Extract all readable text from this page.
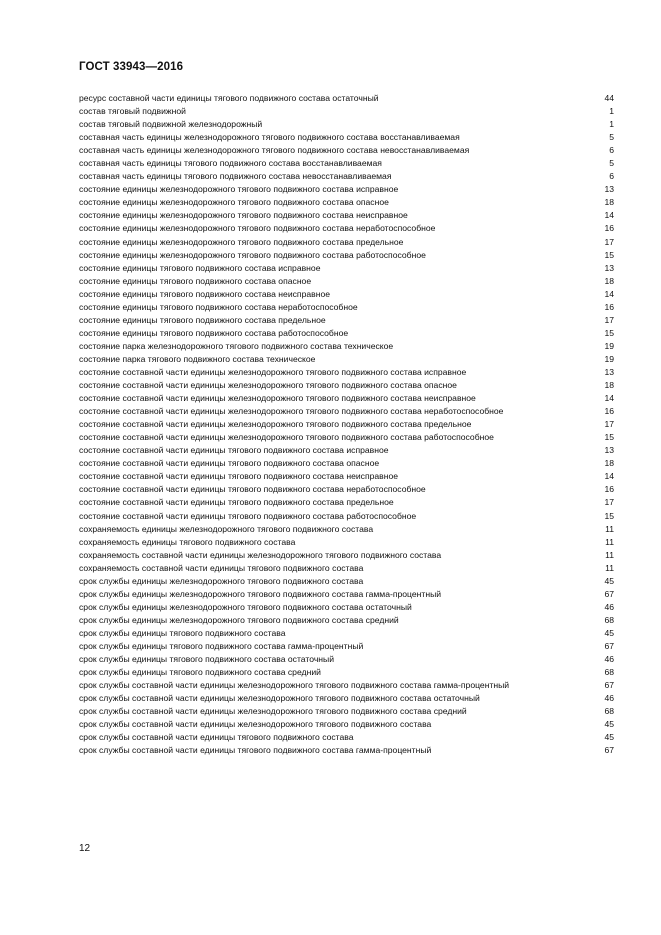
ГОСТ 33943—2016
ресурс составной части единицы тягового подвижного состава остаточный	44
состав тяговый подвижной	1
состав тяговый подвижной железнодорожный	1
составная часть единицы железнодорожного тягового подвижного состава восстанавливаемая	5
составная часть единицы железнодорожного тягового подвижного состава невосстанавливаемая	6
составная часть единицы тягового подвижного состава восстанавливаемая	5
составная часть единицы тягового подвижного состава невосстанавливаемая	6
состояние единицы железнодорожного тягового подвижного состава исправное	13
состояние единицы железнодорожного тягового подвижного состава опасное	18
состояние единицы железнодорожного тягового подвижного состава неисправное	14
состояние единицы железнодорожного тягового подвижного состава неработоспособное	16
состояние единицы железнодорожного тягового подвижного состава предельное	17
состояние единицы железнодорожного тягового подвижного состава работоспособное	15
состояние единицы тягового подвижного состава исправное	13
состояние единицы тягового подвижного состава опасное	18
состояние единицы тягового подвижного состава неисправное	14
состояние единицы тягового подвижного состава неработоспособное	16
состояние единицы тягового подвижного состава предельное	17
состояние единицы тягового подвижного состава работоспособное	15
состояние парка железнодорожного тягового подвижного состава техническое	19
состояние парка тягового подвижного состава техническое	19
состояние составной части единицы железнодорожного тягового подвижного состава исправное	13
состояние составной части единицы железнодорожного тягового подвижного состава опасное	18
состояние составной части единицы железнодорожного тягового подвижного состава неисправное	14
состояние составной части единицы железнодорожного тягового подвижного состава неработоспособное	16
состояние составной части единицы железнодорожного тягового подвижного состава предельное	17
состояние составной части единицы железнодорожного тягового подвижного состава работоспособное	15
состояние составной части единицы тягового подвижного состава исправное	13
состояние составной части единицы тягового подвижного состава опасное	18
состояние составной части единицы тягового подвижного состава неисправное	14
состояние составной части единицы тягового подвижного состава неработоспособное	16
состояние составной части единицы тягового подвижного состава предельное	17
состояние составной части единицы тягового подвижного состава работоспособное	15
сохраняемость единицы железнодорожного тягового подвижного состава	11
сохраняемость единицы тягового подвижного состава	11
сохраняемость составной части единицы железнодорожного тягового подвижного состава	11
сохраняемость составной части единицы тягового подвижного состава	11
срок службы единицы железнодорожного тягового подвижного состава	45
срок службы единицы железнодорожного тягового подвижного состава гамма-процентный	67
срок службы единицы железнодорожного тягового подвижного состава остаточный	46
срок службы единицы железнодорожного тягового подвижного состава средний	68
срок службы единицы тягового подвижного состава	45
срок службы единицы тягового подвижного состава гамма-процентный	67
срок службы единицы тягового подвижного состава остаточный	46
срок службы единицы тягового подвижного состава средний	68
срок службы составной части единицы железнодорожного тягового подвижного состава гамма-процентный	67
срок службы составной части единицы железнодорожного тягового подвижного состава остаточный	46
срок службы составной части единицы железнодорожного тягового подвижного состава средний	68
срок службы составной части единицы железнодорожного тягового подвижного состава	45
срок службы составной части единицы тягового подвижного состава	45
срок службы составной части единицы тягового подвижного состава гамма-процентный	67
12
